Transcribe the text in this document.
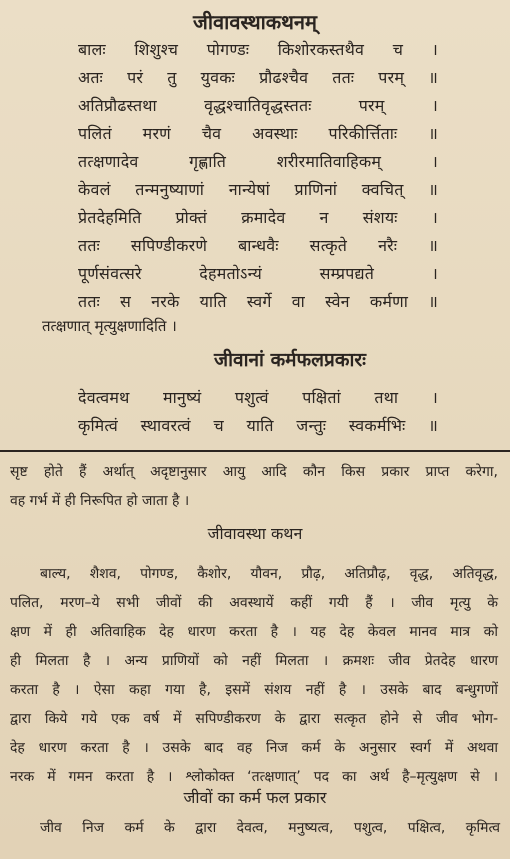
जीवावस्थाकथनम्
बालः शिशुश्च पोगण्डः किशोरकस्तथैव च ।
अतः परं तु युवकः प्रौढश्चैव ततः परम् ॥
अतिप्रौढस्तथा वृद्धश्चातिवृद्धस्ततः परम् ।
पलितं मरणं चैव अवस्थाः परिकीर्त्तिताः ॥
तत्क्षणादेव गृह्णाति शरीरमातिवाहिकम् ।
केवलं तन्मनुष्याणां नान्येषां प्राणिनां क्वचित् ॥
प्रेतदेहमिति प्रोक्तं क्रमादेव न संशयः ।
ततः सपिण्डीकरणे बान्धवैः सत्कृते नरैः ॥
पूर्णसंवत्सरे देहमतोऽन्यं सम्प्रपद्यते ।
ततः स नरके याति स्वर्गे वा स्वेन कर्मणा ॥
तत्क्षणात् मृत्युक्षणादिति ।
जीवानां कर्मफलप्रकारः
देवत्वमथ मानुष्यं पशुत्वं पक्षितां तथा ।
कृमित्वं स्थावरत्वं च याति जन्तुः स्वकर्मभिः ॥
सृष्ट होते हैं अर्थात् अदृष्टानुसार आयु आदि कौन किस प्रकार प्राप्त करेगा,
वह गर्भ में ही निरूपित हो जाता है ।
जीवावस्था कथन
बाल्य, शैशव, पोगण्ड, कैशोर, यौवन, प्रौढ़, अतिप्रौढ़, वृद्ध, अतिवृद्ध,
पलित, मरण–ये सभी जीवों की अवस्थायें कहीं गयी हैं । जीव मृत्यु के
क्षण में ही अतिवाहिक देह धारण करता है । यह देह केवल मानव मात्र को
ही मिलता है । अन्य प्राणियों को नहीं मिलता । क्रमशः जीव प्रेतदेह धारण
करता है । ऐसा कहा गया है, इसमें संशय नहीं है । उसके बाद बन्धुगणों
द्वारा किये गये एक वर्ष में सपिण्डीकरण के द्वारा सत्कृत होने से जीव भोग-
देह धारण करता है । उसके बाद वह निज कर्म के अनुसार स्वर्ग में अथवा
नरक में गमन करता है । श्लोकोक्त ‘तत्क्षणात्’ पद का अर्थ है–मृत्युक्षण से ।
जीवों का कर्म फल प्रकार
जीव निज कर्म के द्वारा देवत्व, मनुष्यत्व, पशुत्व, पक्षित्व, कृमित्व
